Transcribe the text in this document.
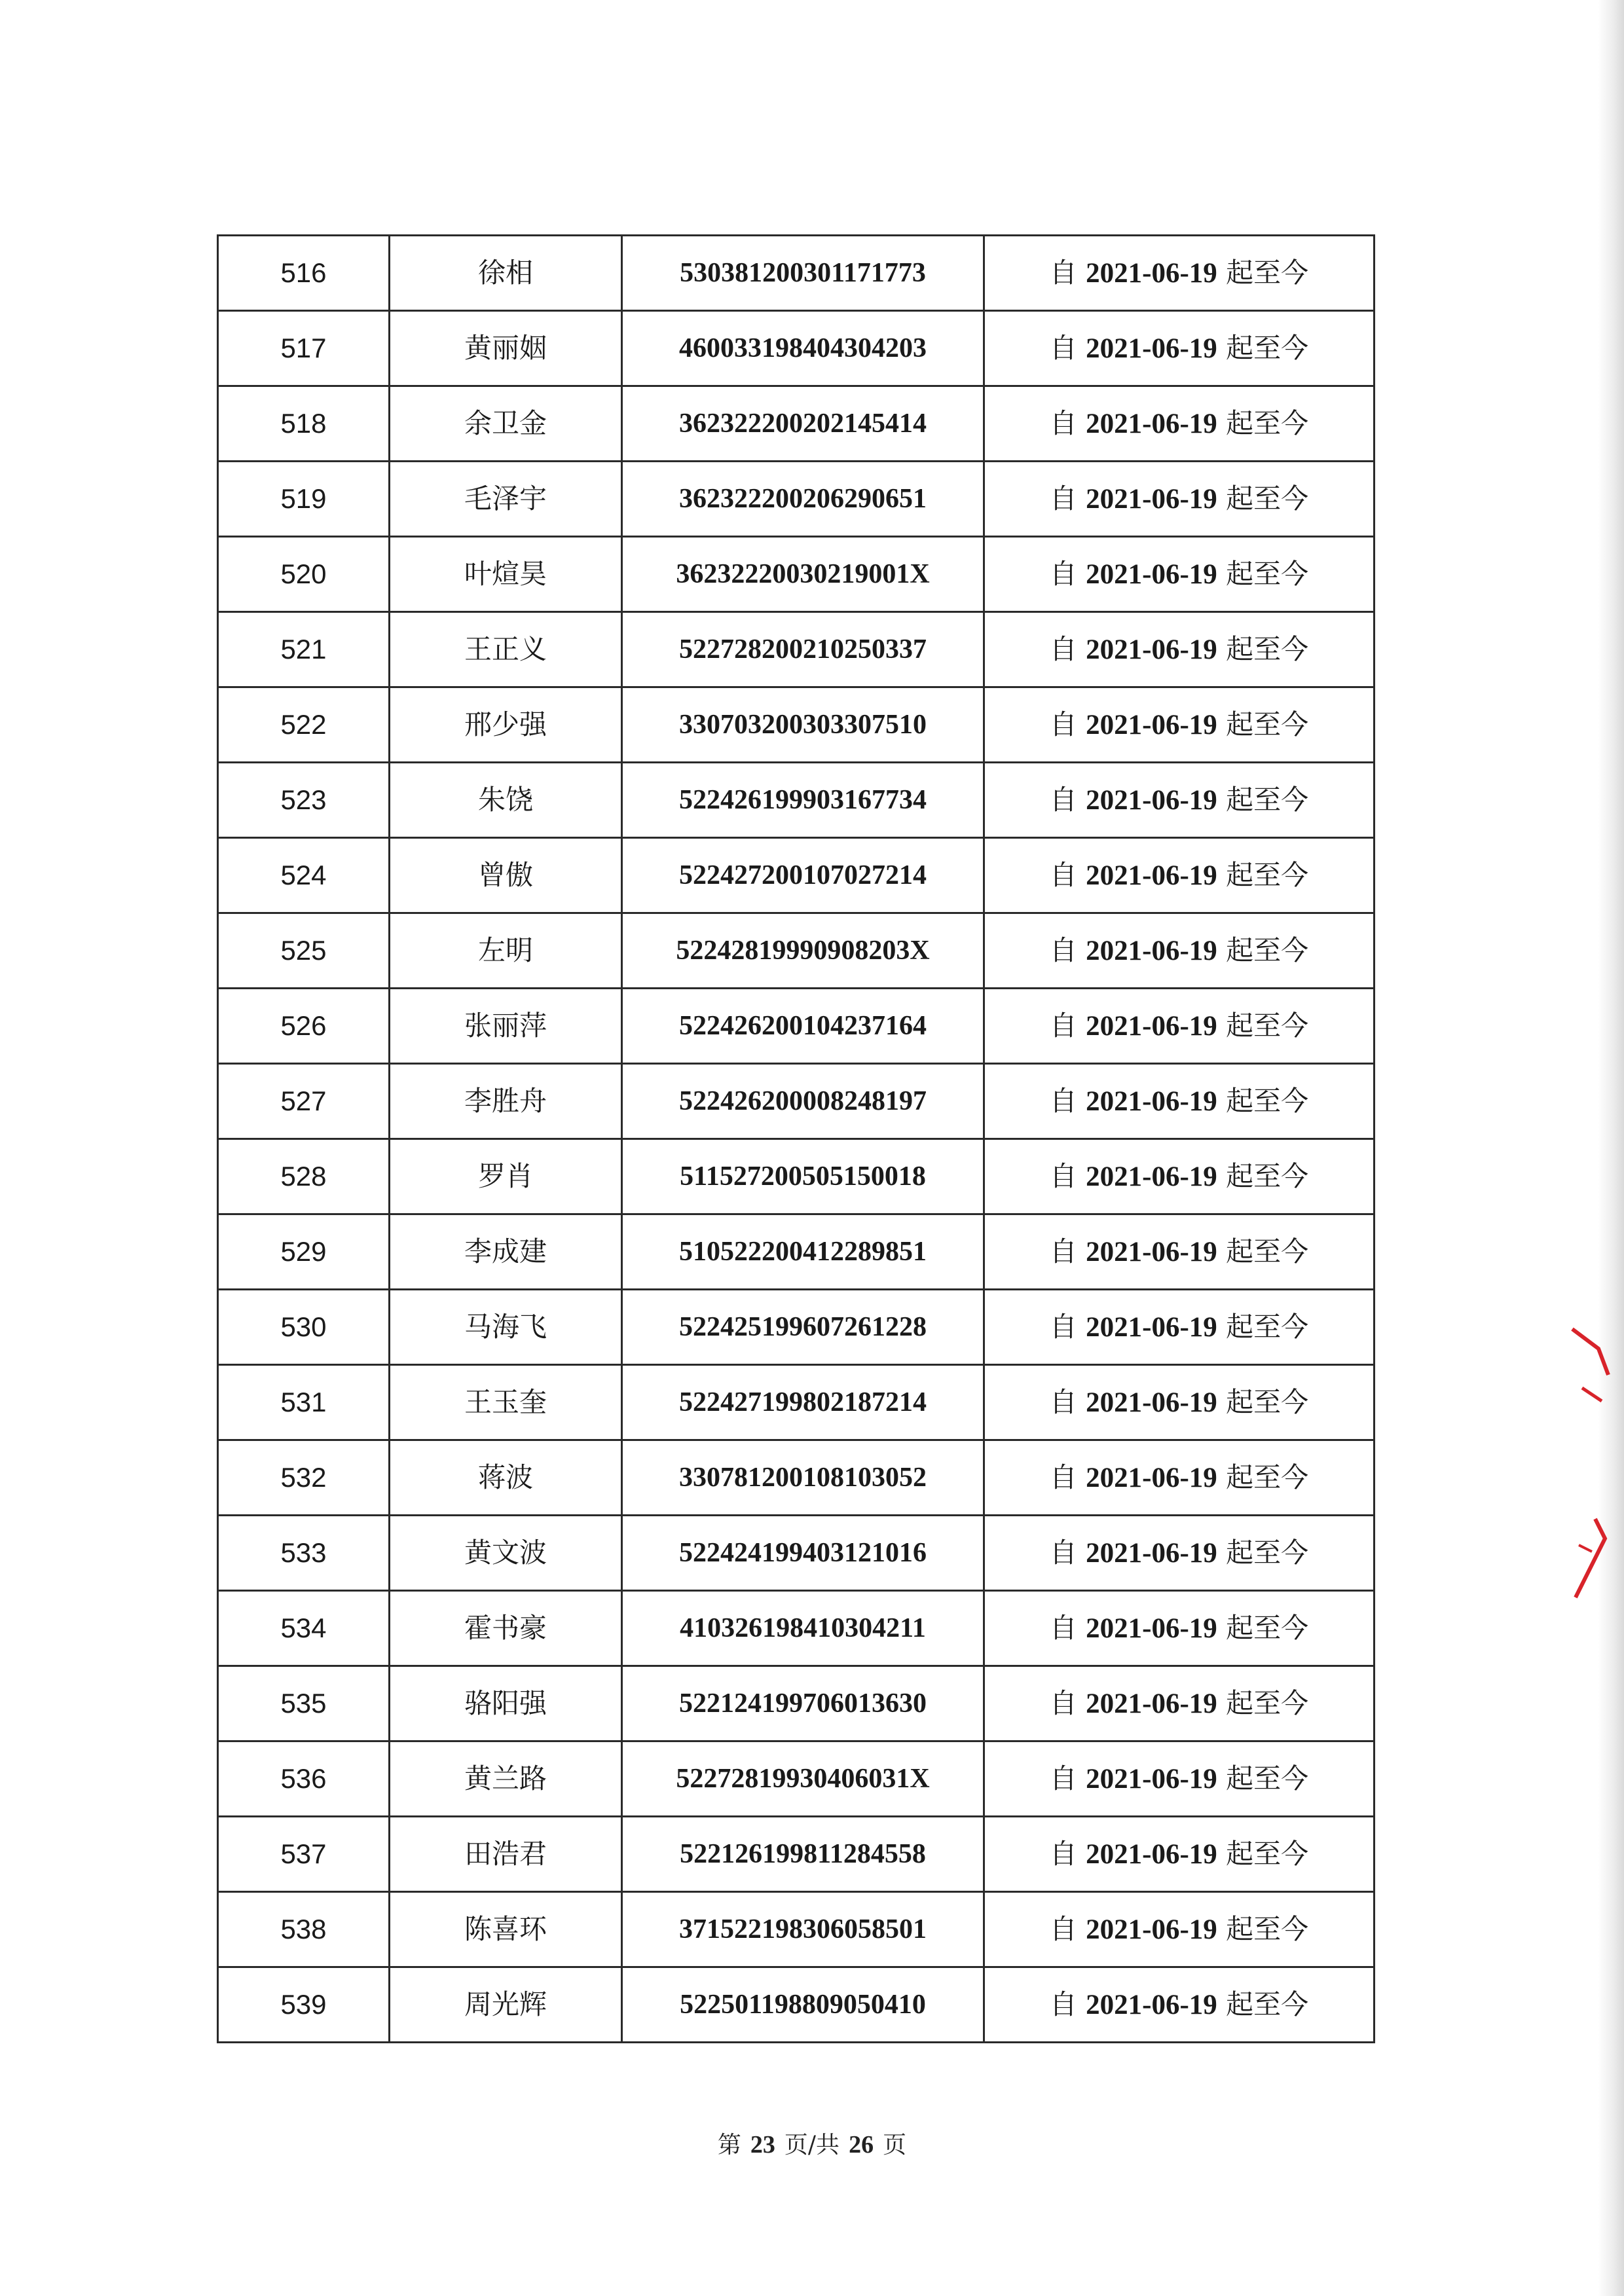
516	徐相	530381200301171773	自 2021-06-19 起至今
517	黄丽姻	460033198404304203	自 2021-06-19 起至今
518	余卫金	362322200202145414	自 2021-06-19 起至今
519	毛泽宇	362322200206290651	自 2021-06-19 起至今
520	叶煊昊	36232220030219001X	自 2021-06-19 起至今
521	王正义	522728200210250337	自 2021-06-19 起至今
522	邢少强	330703200303307510	自 2021-06-19 起至今
523	朱饶	522426199903167734	自 2021-06-19 起至今
524	曾傲	522427200107027214	自 2021-06-19 起至今
525	左明	52242819990908203X	自 2021-06-19 起至今
526	张丽萍	522426200104237164	自 2021-06-19 起至今
527	李胜舟	522426200008248197	自 2021-06-19 起至今
528	罗肖	511527200505150018	自 2021-06-19 起至今
529	李成建	510522200412289851	自 2021-06-19 起至今
530	马海飞	522425199607261228	自 2021-06-19 起至今
531	王玉奎	522427199802187214	自 2021-06-19 起至今
532	蒋波	330781200108103052	自 2021-06-19 起至今
533	黄文波	522424199403121016	自 2021-06-19 起至今
534	霍书豪	410326198410304211	自 2021-06-19 起至今
535	骆阳强	522124199706013630	自 2021-06-19 起至今
536	黄兰路	52272819930406031X	自 2021-06-19 起至今
537	田浩君	522126199811284558	自 2021-06-19 起至今
538	陈喜环	371522198306058501	自 2021-06-19 起至今
539	周光辉	522501198809050410	自 2021-06-19 起至今
第 23 页/共 26 页
